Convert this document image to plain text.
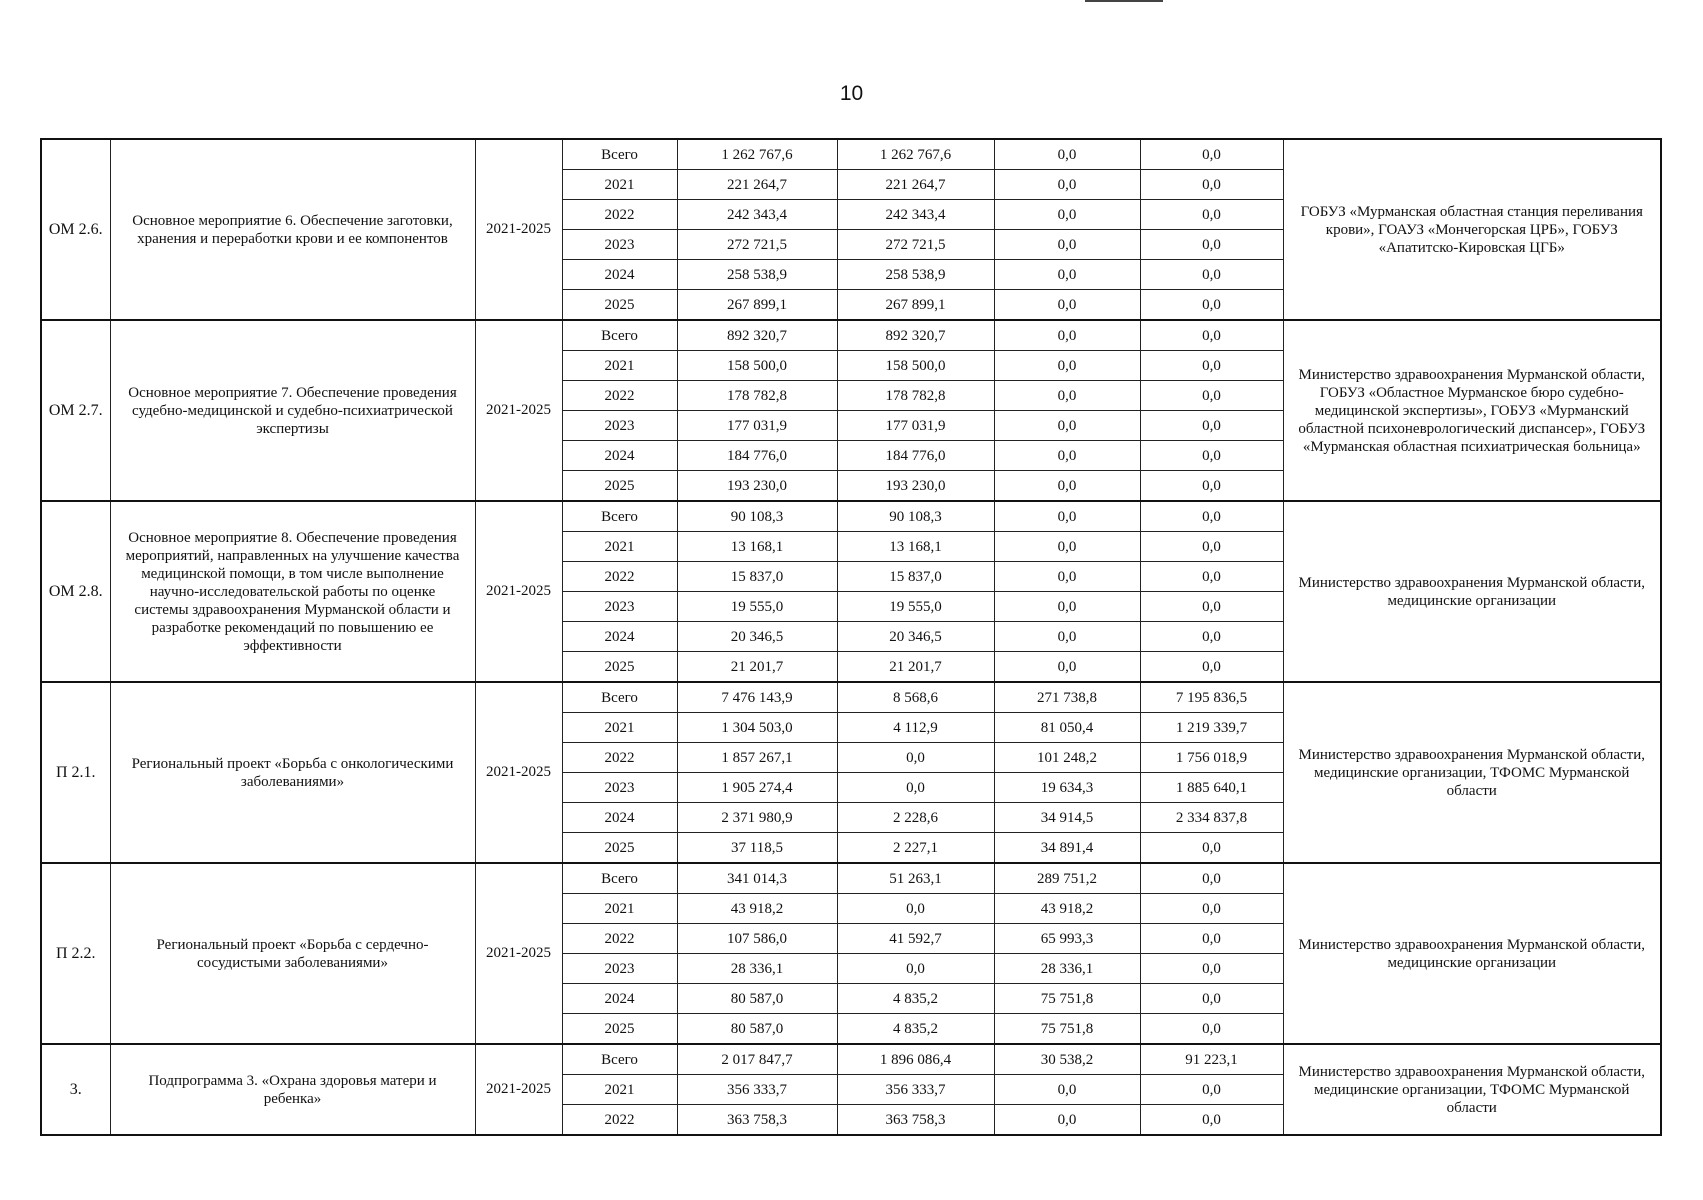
10
ОМ 2.6.	Основное мероприятие 6. Обеспечение заготовки, хранения и переработки крови и ее компонентов	2021-2025	Всего	1 262 767,6	1 262 767,6	0,0	0,0	ГОБУЗ «Мурманская областная станция переливания крови», ГОАУЗ «Мончегорская ЦРБ», ГОБУЗ «Апатитско-Кировская ЦГБ»
			2021	221 264,7	221 264,7	0,0	0,0	
			2022	242 343,4	242 343,4	0,0	0,0	
			2023	272 721,5	272 721,5	0,0	0,0	
			2024	258 538,9	258 538,9	0,0	0,0	
			2025	267 899,1	267 899,1	0,0	0,0	
ОМ 2.7.	Основное мероприятие 7. Обеспечение проведения судебно-медицинской и судебно-психиатрической экспертизы	2021-2025	Всего	892 320,7	892 320,7	0,0	0,0	Министерство здравоохранения Мурманской области, ГОБУЗ «Областное Мурманское бюро судебно-медицинской экспертизы», ГОБУЗ «Мурманский областной психоневрологический диспансер», ГОБУЗ «Мурманская областная психиатрическая больница»
			2021	158 500,0	158 500,0	0,0	0,0	
			2022	178 782,8	178 782,8	0,0	0,0	
			2023	177 031,9	177 031,9	0,0	0,0	
			2024	184 776,0	184 776,0	0,0	0,0	
			2025	193 230,0	193 230,0	0,0	0,0	
ОМ 2.8.	Основное мероприятие 8. Обеспечение проведения мероприятий, направленных на улучшение качества медицинской помощи, в том числе выполнение научно-исследовательской работы по оценке системы здравоохранения Мурманской области и разработке рекомендаций по повышению ее эффективности	2021-2025	Всего	90 108,3	90 108,3	0,0	0,0	Министерство здравоохранения Мурманской области, медицинские организации
			2021	13 168,1	13 168,1	0,0	0,0	
			2022	15 837,0	15 837,0	0,0	0,0	
			2023	19 555,0	19 555,0	0,0	0,0	
			2024	20 346,5	20 346,5	0,0	0,0	
			2025	21 201,7	21 201,7	0,0	0,0	
П 2.1.	Региональный проект «Борьба с онкологическими заболеваниями»	2021-2025	Всего	7 476 143,9	8 568,6	271 738,8	7 195 836,5	Министерство здравоохранения Мурманской области, медицинские организации, ТФОМС Мурманской области
			2021	1 304 503,0	4 112,9	81 050,4	1 219 339,7	
			2022	1 857 267,1	0,0	101 248,2	1 756 018,9	
			2023	1 905 274,4	0,0	19 634,3	1 885 640,1	
			2024	2 371 980,9	2 228,6	34 914,5	2 334 837,8	
			2025	37 118,5	2 227,1	34 891,4	0,0	
П 2.2.	Региональный проект «Борьба с сердечно-сосудистыми заболеваниями»	2021-2025	Всего	341 014,3	51 263,1	289 751,2	0,0	Министерство здравоохранения Мурманской области, медицинские организации
			2021	43 918,2	0,0	43 918,2	0,0	
			2022	107 586,0	41 592,7	65 993,3	0,0	
			2023	28 336,1	0,0	28 336,1	0,0	
			2024	80 587,0	4 835,2	75 751,8	0,0	
			2025	80 587,0	4 835,2	75 751,8	0,0	
3.	Подпрограмма 3. «Охрана здоровья матери и ребенка»	2021-2025	Всего	2 017 847,7	1 896 086,4	30 538,2	91 223,1	Министерство здравоохранения Мурманской области, медицинские организации, ТФОМС Мурманской области
			2021	356 333,7	356 333,7	0,0	0,0	
			2022	363 758,3	363 758,3	0,0	0,0	
